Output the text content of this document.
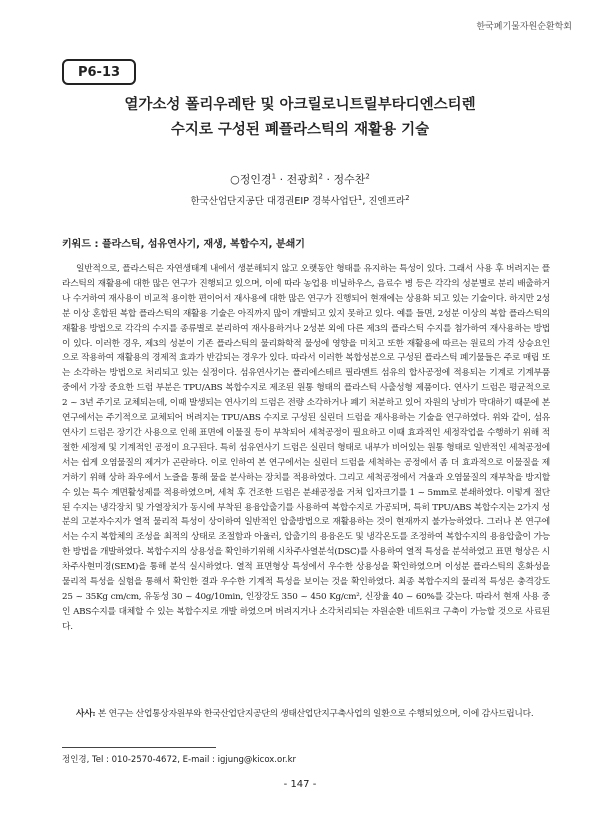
한국폐기물자원순환학회
P6-13
열가소성 폴리우레탄 및 아크릴로니트릴부타디엔스티렌
수지로 구성된 폐플라스틱의 재활용 기술
○정인경$^1$ · 전광희$^2$ · 정수찬$^2$
한국산업단지공단 대경권EIP 경북사업단$^1$, 진엔프라$^2$
키워드 : 플라스틱, 섬유연사기, 재생, 복합수지, 분쇄기
일반적으로, 플라스틱은 자연생태계 내에서 생분해되지 않고 오랫동안 형태를 유지하는 특성이 있다. 그래서 사용 후 버려지는 플라스틱의 재활용에 대한 많은 연구가 진행되고 있으며, 이에 따라 농업용 비닐하우스, 음료수 병 등은 각각의 성분별로 분리 배출하거나 수거하여 재사용이 비교적 용이한 편이어서 재사용에 대한 많은 연구가 진행되어 현재에는 상용화 되고 있는 기술이다. 하지만 2성분 이상 혼합된 복합 플라스틱의 재활용 기술은 아직까지 많이 개발되고 있지 못하고 있다. 예를 들면, 2성분 이상의 복합 플라스틱의 재활용 방법으로 각각의 수지를 종류별로 분리하여 재사용하거나 2성분 외에 다른 제3의 플라스틱 수지를 첨가하여 재사용하는 방법이 있다. 이러한 경우, 제3의 성분이 기존 플라스틱의 물리화학적 물성에 영향을 미치고 또한 재활용에 따르는 원료의 가격 상승요인으로 작용하여 재활용의 경제적 효과가 반감되는 경우가 있다. 따라서 이러한 복합성분으로 구성된 플라스틱 폐기물들은 주로 매립 또는 소각하는 방법으로 처리되고 있는 실정이다. 섬유연사기는 폴리에스테르 필라멘트 섬유의 합사공정에 적용되는 기계로 기계부품 중에서 가장 중요한 드럼 부분은 TPU/ABS 복합수지로 제조된 원통 형태의 플라스틱 사출성형 제품이다. 연사기 드럼은 평균적으로 2 ~ 3년 주기로 교체되는데, 이때 발생되는 연사기의 드럼은 전량 소각하거나 폐기 처분하고 있어 자원의 낭비가 막대하기 때문에 본 연구에서는 주기적으로 교체되어 버려지는 TPU/ABS 수지로 구성된 실린더 드럼을 재사용하는 기술을 연구하였다. 위와 같이, 섬유연사기 드럼은 장기간 사용으로 인해 표면에 이물질 등이 부착되어 세척공정이 필요하고 이때 효과적인 세정작업을 수행하기 위해 적절한 세정제 및 기계적인 공정이 요구된다. 특히 섬유연사기 드럼은 실린더 형태로 내부가 비어있는 원통 형태로 일반적인 세척공정에서는 쉽게 오염물질의 제거가 곤란하다. 이로 인하여 본 연구에서는 실린더 드럼을 세척하는 공정에서 좀 더 효과적으로 이물질을 제거하기 위해 상하 좌우에서 노즐을 통해 물을 분사하는 장치를 적용하였다. 그리고 세척공정에서 겨울과 오염물질의 재부착을 방지할 수 있는 특수 계면활성제를 적용하였으며, 세척 후 건조한 드럼은 분쇄공정을 거쳐 입자크기를 1 ~ 5mm로 분쇄하였다. 이렇게 절단된 수지는 냉각장치 및 가열장치가 동시에 부착된 용융압출기를 사용하여 복합수지로 가공되며, 특히 TPU/ABS 복합수지는 2가지 성분의 고분자수지가 열적 물리적 특성이 상이하여 일반적인 압출방법으로 재활용하는 것이 현재까지 불가능하였다. 그러나 본 연구에서는 수지 복합체의 조성을 최적의 상태로 조절함과 아울러, 압출기의 용융온도 및 냉각온도를 조정하여 복합수지의 용융압출이 가능한 방법을 개발하였다. 복합수지의 상용성을 확인하기위해 시차주사열분석(DSC)를 사용하여 열적 특성을 분석하였고 표면 형상은 시차주사현미경(SEM)을 통해 분석 실시하였다. 열적 표면형상 특성에서 우수한 상용성을 확인하였으며 이성분 플라스틱의 혼화성을 물리적 특성을 실험을 통해서 확인한 결과 우수한 기계적 특성을 보이는 것을 확인하였다. 최종 복합수지의 물리적 특성은 충격강도 25 ~ 35Kg cm/cm, 유동성 30 ~ 40g/10min, 인장강도 350 ~ 450 Kg/cm², 신장율 40 ~ 60%를 갖는다. 따라서 현재 사용 중인 ABS수지를 대체할 수 있는 복합수지로 개발 하였으며 버려지거나 소각처리되는 자원순환 네트워크 구축이 가능할 것으로 사료된다.
사사: 본 연구는 산업통상자원부와 한국산업단지공단의 생태산업단지구축사업의 일환으로 수행되었으며, 이에 감사드립니다.
정인경, Tel : 010-2570-4672, E-mail : igjung@kicox.or.kr
- 147 -
